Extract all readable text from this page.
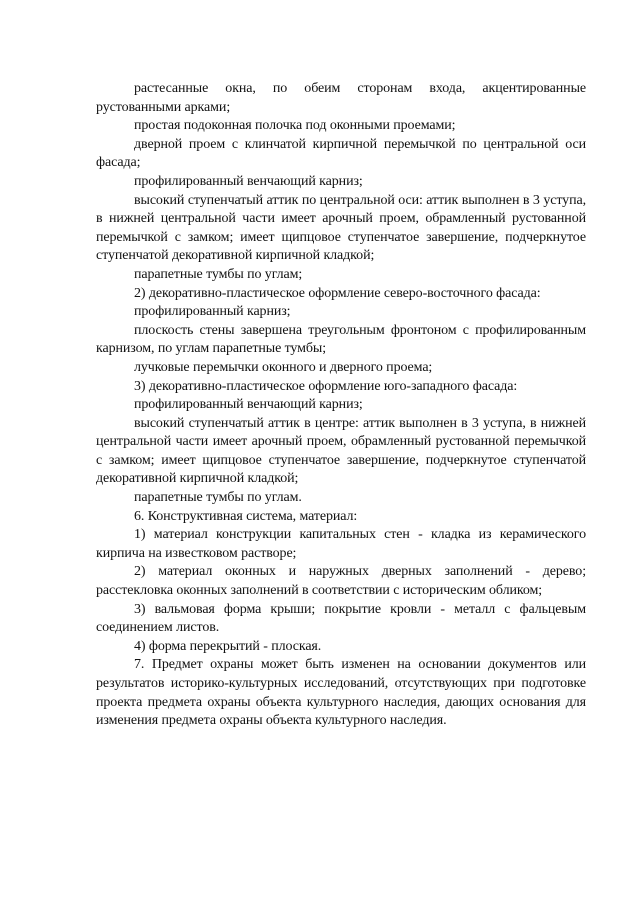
растесанные окна, по обеим сторонам входа, акцентированные рустованными арками;

простая подоконная полочка под оконными проемами;

дверной проем с клинчатой кирпичной перемычкой по центральной оси фасада;

профилированный венчающий карниз;

высокий ступенчатый аттик по центральной оси: аттик выполнен в 3 уступа, в нижней центральной части имеет арочный проем, обрамленный рустованной перемычкой с замком; имеет щипцовое ступенчатое завершение, подчеркнутое ступенчатой декоративной кирпичной кладкой;

парапетные тумбы по углам;

2) декоративно-пластическое оформление северо-восточного фасада:

профилированный карниз;

плоскость стены завершена треугольным фронтоном с профилированным карнизом, по углам парапетные тумбы;

лучковые перемычки оконного и дверного проема;

3) декоративно-пластическое оформление юго-западного фасада:

профилированный венчающий карниз;

высокий ступенчатый аттик в центре: аттик выполнен в 3 уступа, в нижней центральной части имеет арочный проем, обрамленный рустованной перемычкой с замком; имеет щипцовое ступенчатое завершение, подчеркнутое ступенчатой декоративной кирпичной кладкой;

парапетные тумбы по углам.

6. Конструктивная система, материал:

1) материал конструкции капитальных стен - кладка из керамического кирпича на известковом растворе;

2) материал оконных и наружных дверных заполнений - дерево; расстекловка оконных заполнений в соответствии с историческим обликом;

3) вальмовая форма крыши; покрытие кровли - металл с фальцевым соединением листов.

4) форма перекрытий - плоская.

7. Предмет охраны может быть изменен на основании документов или результатов историко-культурных исследований, отсутствующих при подготовке проекта предмета охраны объекта культурного наследия, дающих основания для изменения предмета охраны объекта культурного наследия.
